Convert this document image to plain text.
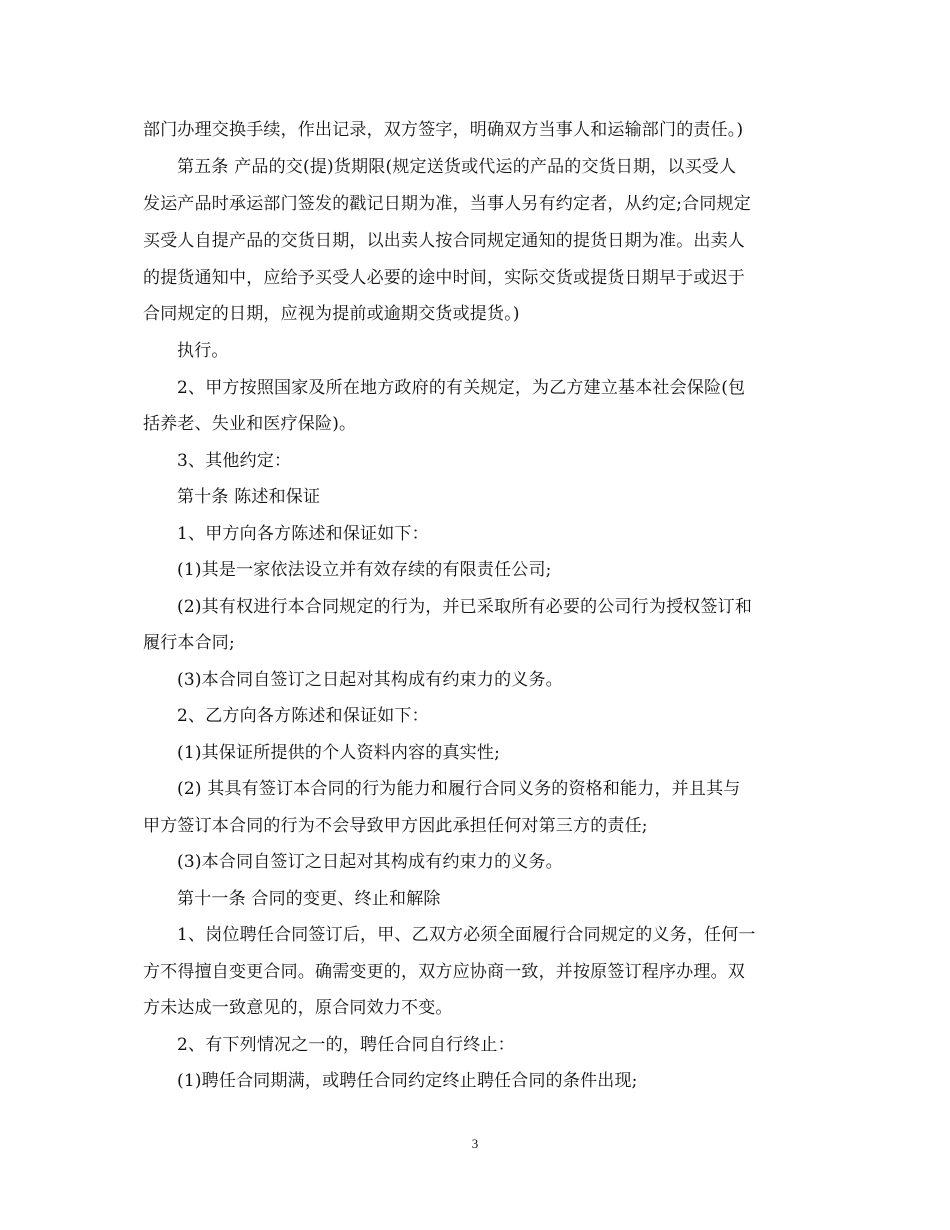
部门办理交换手续，作出记录，双方签字，明确双方当事人和运输部门的责任。)
第五条 产品的交(提)货期限(规定送货或代运的产品的交货日期，以买受人
发运产品时承运部门签发的戳记日期为准，当事人另有约定者，从约定;合同规定
买受人自提产品的交货日期，以出卖人按合同规定通知的提货日期为准。出卖人
的提货通知中，应给予买受人必要的途中时间，实际交货或提货日期早于或迟于
合同规定的日期，应视为提前或逾期交货或提货。)
执行。
2、甲方按照国家及所在地方政府的有关规定，为乙方建立基本社会保险(包
括养老、失业和医疗保险)。
3、其他约定：
第十条 陈述和保证
1、甲方向各方陈述和保证如下：
(1)其是一家依法设立并有效存续的有限责任公司;
(2)其有权进行本合同规定的行为，并已采取所有必要的公司行为授权签订和
履行本合同;
(3)本合同自签订之日起对其构成有约束力的义务。
2、乙方向各方陈述和保证如下：
(1)其保证所提供的个人资料内容的真实性;
(2) 其具有签订本合同的行为能力和履行合同义务的资格和能力，并且其与
甲方签订本合同的行为不会导致甲方因此承担任何对第三方的责任;
(3)本合同自签订之日起对其构成有约束力的义务。
第十一条 合同的变更、终止和解除
1、岗位聘任合同签订后，甲、乙双方必须全面履行合同规定的义务，任何一
方不得擅自变更合同。确需变更的，双方应协商一致，并按原签订程序办理。双
方未达成一致意见的，原合同效力不变。
2、有下列情况之一的，聘任合同自行终止：
(1)聘任合同期满，或聘任合同约定终止聘任合同的条件出现;
3
